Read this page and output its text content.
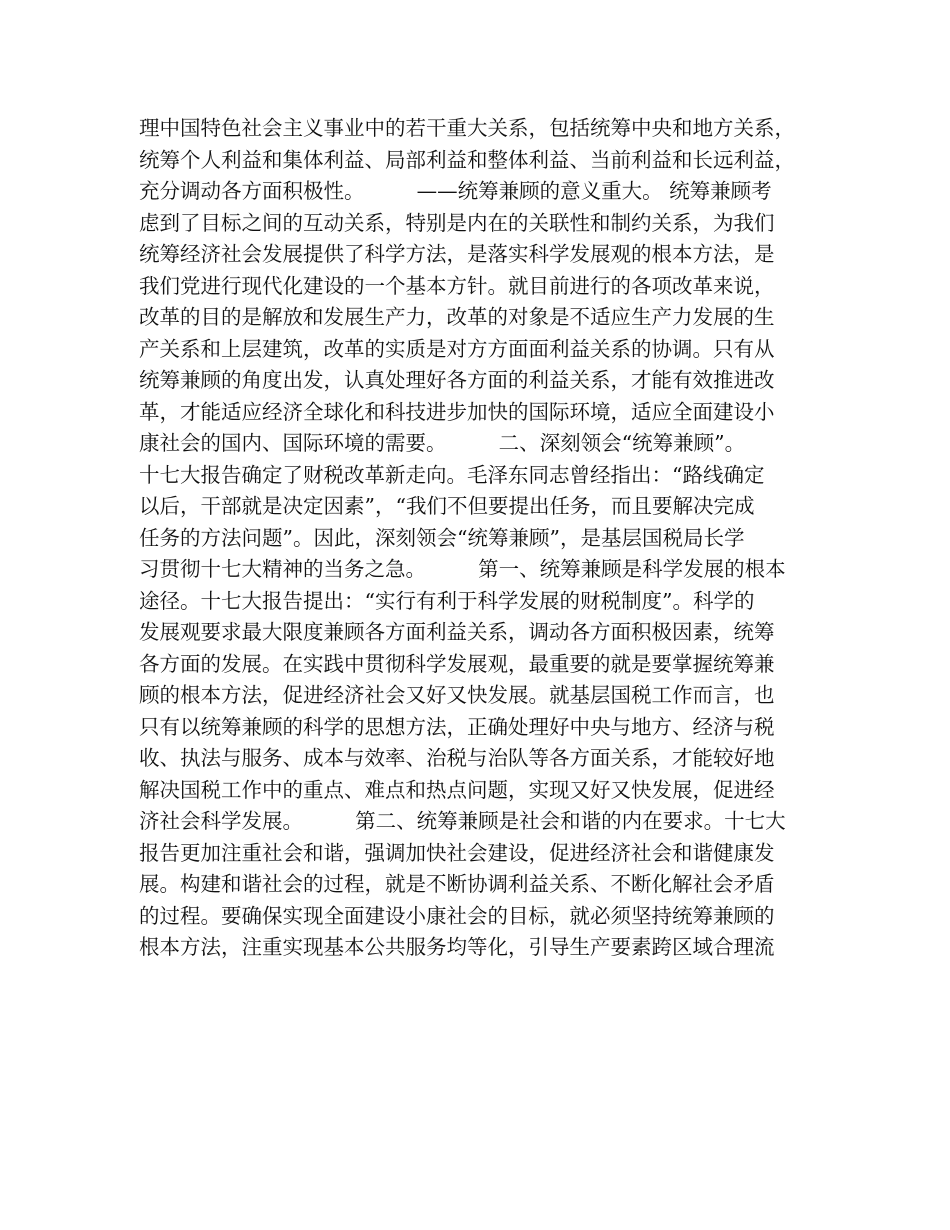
理中国特色社会主义事业中的若干重大关系，包括统筹中央和地方关系，
统筹个人利益和集体利益、局部利益和整体利益、当前利益和长远利益，
充分调动各方面积极性。        ——统筹兼顾的意义重大。 统筹兼顾考
虑到了目标之间的互动关系，特别是内在的关联性和制约关系，为我们
统筹经济社会发展提供了科学方法，是落实科学发展观的根本方法，是
我们党进行现代化建设的一个基本方针。就目前进行的各项改革来说，
改革的目的是解放和发展生产力，改革的对象是不适应生产力发展的生
产关系和上层建筑，改革的实质是对方方面面利益关系的协调。只有从
统筹兼顾的角度出发，认真处理好各方面的利益关系，才能有效推进改
革，才能适应经济全球化和科技进步加快的国际环境，适应全面建设小
康社会的国内、国际环境的需要。        二、深刻领会“统筹兼顾”。
十七大报告确定了财税改革新走向。毛泽东同志曾经指出：“路线确定
以后，干部就是决定因素”，“我们不但要提出任务，而且要解决完成
任务的方法问题”。因此，深刻领会“统筹兼顾”，是基层国税局长学
习贯彻十七大精神的当务之急。        第一、统筹兼顾是科学发展的根本
途径。十七大报告提出：“实行有利于科学发展的财税制度”。科学的
发展观要求最大限度兼顾各方面利益关系，调动各方面积极因素，统筹
各方面的发展。在实践中贯彻科学发展观，最重要的就是要掌握统筹兼
顾的根本方法，促进经济社会又好又快发展。就基层国税工作而言，也
只有以统筹兼顾的科学的思想方法，正确处理好中央与地方、经济与税
收、执法与服务、成本与效率、治税与治队等各方面关系，才能较好地
解决国税工作中的重点、难点和热点问题，实现又好又快发展，促进经
济社会科学发展。        第二、统筹兼顾是社会和谐的内在要求。十七大
报告更加注重社会和谐，强调加快社会建设，促进经济社会和谐健康发
展。构建和谐社会的过程，就是不断协调利益关系、不断化解社会矛盾
的过程。要确保实现全面建设小康社会的目标，就必须坚持统筹兼顾的
根本方法，注重实现基本公共服务均等化，引导生产要素跨区域合理流
